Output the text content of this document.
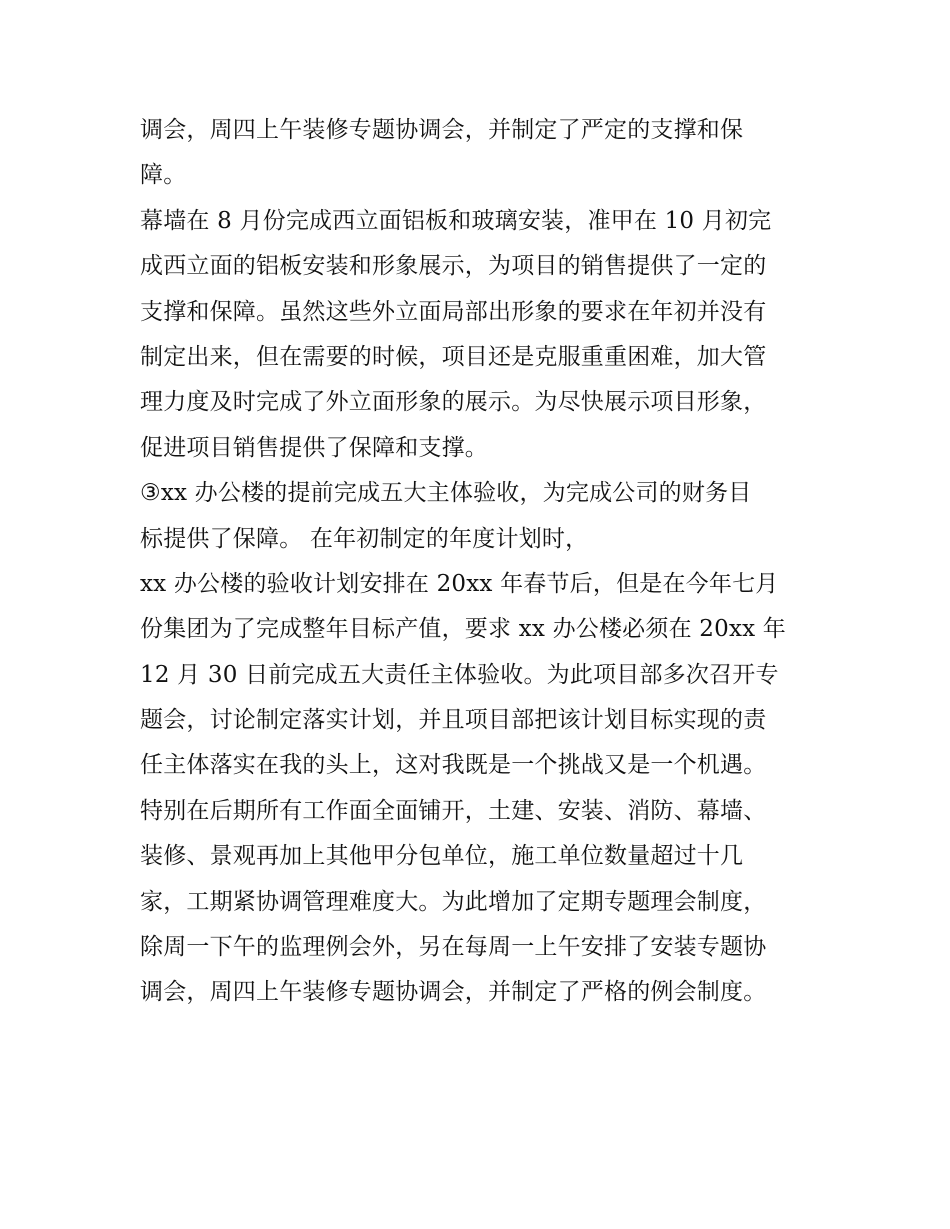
调会，周四上午装修专题协调会，并制定了严定的支撑和保
障。
幕墙在 8 月份完成西立面铝板和玻璃安装，准甲在 10 月初完
成西立面的铝板安装和形象展示，为项目的销售提供了一定的
支撑和保障。虽然这些外立面局部出形象的要求在年初并没有
制定出来，但在需要的时候，项目还是克服重重困难，加大管
理力度及时完成了外立面形象的展示。为尽快展示项目形象，
促进项目销售提供了保障和支撑。
③xx 办公楼的提前完成五大主体验收，为完成公司的财务目
标提供了保障。 在年初制定的年度计划时，
xx 办公楼的验收计划安排在 20xx 年春节后，但是在今年七月
份集团为了完成整年目标产值，要求 xx 办公楼必须在 20xx 年
12 月 30 日前完成五大责任主体验收。为此项目部多次召开专
题会，讨论制定落实计划，并且项目部把该计划目标实现的责
任主体落实在我的头上，这对我既是一个挑战又是一个机遇。
特别在后期所有工作面全面铺开，土建、安装、消防、幕墙、
装修、景观再加上其他甲分包单位，施工单位数量超过十几
家，工期紧协调管理难度大。为此增加了定期专题理会制度，
除周一下午的监理例会外，另在每周一上午安排了安装专题协
调会，周四上午装修专题协调会，并制定了严格的例会制度。
